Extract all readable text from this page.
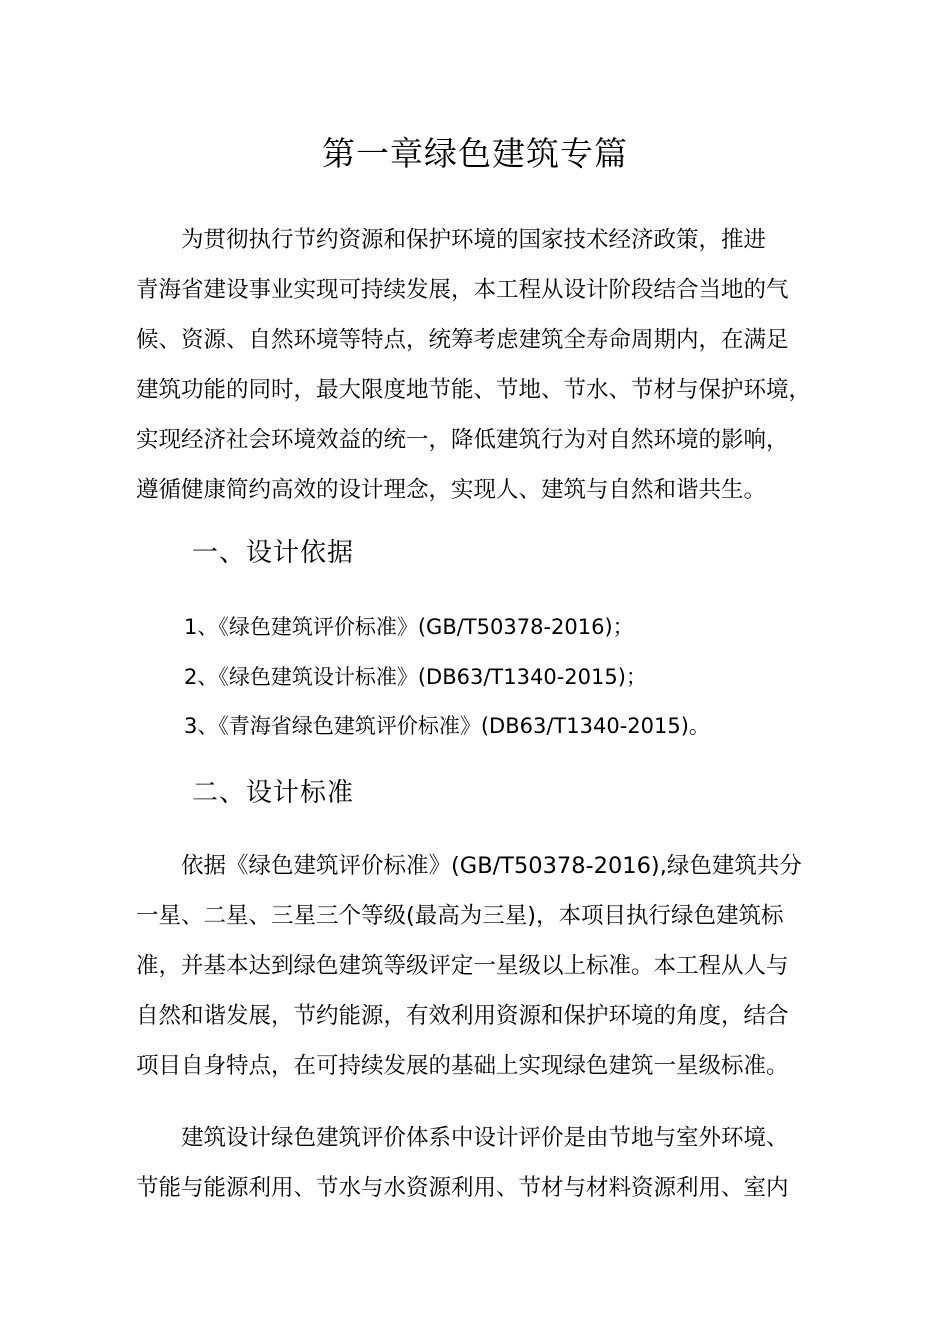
第一章绿色建筑专篇

　　为贯彻执行节约资源和保护环境的国家技术经济政策，推进
青海省建设事业实现可持续发展，本工程从设计阶段结合当地的气
候、资源、自然环境等特点，统筹考虑建筑全寿命周期内，在满足
建筑功能的同时，最大限度地节能、节地、节水、节材与保护环境，
实现经济社会环境效益的统一，降低建筑行为对自然环境的影响，
遵循健康简约高效的设计理念，实现人、建筑与自然和谐共生。

一、设计依据

1、《绿色建筑评价标准》(GB/T50378-2016)；

2、《绿色建筑设计标准》(DB63/T1340-2015)；

3、《青海省绿色建筑评价标准》(DB63/T1340-2015)。

二、设计标准

　　依据《绿色建筑评价标准》(GB/T50378-2016),绿色建筑共分
一星、二星、三星三个等级(最高为三星)，本项目执行绿色建筑标
准，并基本达到绿色建筑等级评定一星级以上标准。本工程从人与
自然和谐发展，节约能源，有效利用资源和保护环境的角度，结合
项目自身特点，在可持续发展的基础上实现绿色建筑一星级标准。

　　建筑设计绿色建筑评价体系中设计评价是由节地与室外环境、
节能与能源利用、节水与水资源利用、节材与材料资源利用、室内
